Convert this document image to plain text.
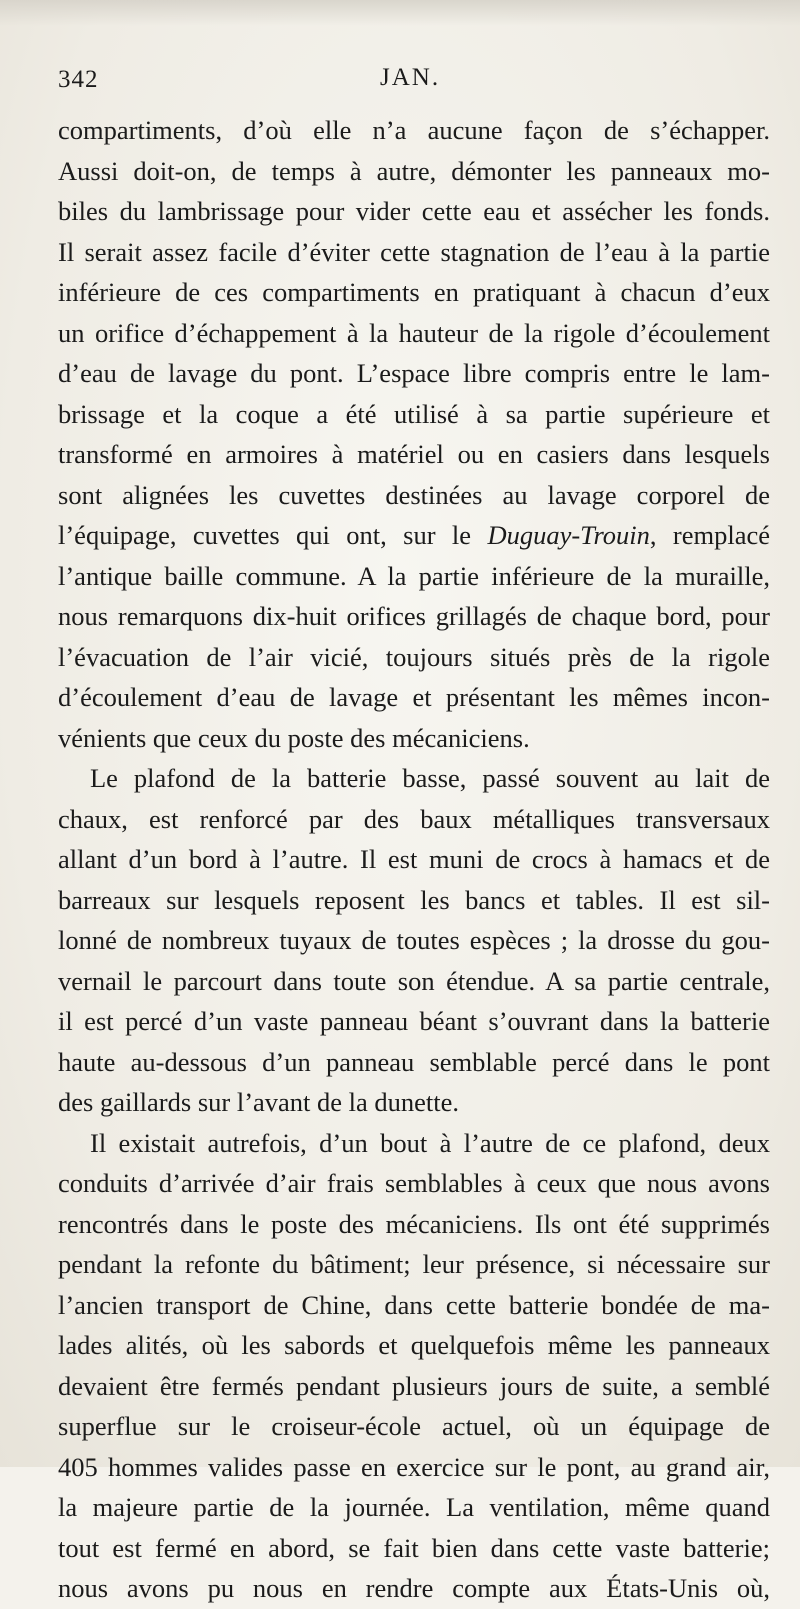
342	JAN.
compartiments, d’où elle n’a aucune façon de s’échapper.
Aussi doit-on, de temps à autre, démonter les panneaux mo-
biles du lambrissage pour vider cette eau et assécher les fonds.
Il serait assez facile d’éviter cette stagnation de l’eau à la partie
inférieure de ces compartiments en pratiquant à chacun d’eux
un orifice d’échappement à la hauteur de la rigole d’écoulement
d’eau de lavage du pont. L’espace libre compris entre le lam-
brissage et la coque a été utilisé à sa partie supérieure et
transformé en armoires à matériel ou en casiers dans lesquels
sont alignées les cuvettes destinées au lavage corporel de
l’équipage, cuvettes qui ont, sur le Duguay-Trouin, remplacé
l’antique baille commune. A la partie inférieure de la muraille,
nous remarquons dix-huit orifices grillagés de chaque bord, pour
l’évacuation de l’air vicié, toujours situés près de la rigole
d’écoulement d’eau de lavage et présentant les mêmes incon-
vénients que ceux du poste des mécaniciens.
Le plafond de la batterie basse, passé souvent au lait de
chaux, est renforcé par des baux métalliques transversaux
allant d’un bord à l’autre. Il est muni de crocs à hamacs et de
barreaux sur lesquels reposent les bancs et tables. Il est sil-
lonné de nombreux tuyaux de toutes espèces ; la drosse du gou-
vernail le parcourt dans toute son étendue. A sa partie centrale,
il est percé d’un vaste panneau béant s’ouvrant dans la batterie
haute au-dessous d’un panneau semblable percé dans le pont
des gaillards sur l’avant de la dunette.
Il existait autrefois, d’un bout à l’autre de ce plafond, deux
conduits d’arrivée d’air frais semblables à ceux que nous avons
rencontrés dans le poste des mécaniciens. Ils ont été supprimés
pendant la refonte du bâtiment; leur présence, si nécessaire sur
l’ancien transport de Chine, dans cette batterie bondée de ma-
lades alités, où les sabords et quelquefois même les panneaux
devaient être fermés pendant plusieurs jours de suite, a semblé
superflue sur le croiseur-école actuel, où un équipage de
405 hommes valides passe en exercice sur le pont, au grand air,
la majeure partie de la journée. La ventilation, même quand
tout est fermé en abord, se fait bien dans cette vaste batterie;
nous avons pu nous en rendre compte aux États-Unis où,
